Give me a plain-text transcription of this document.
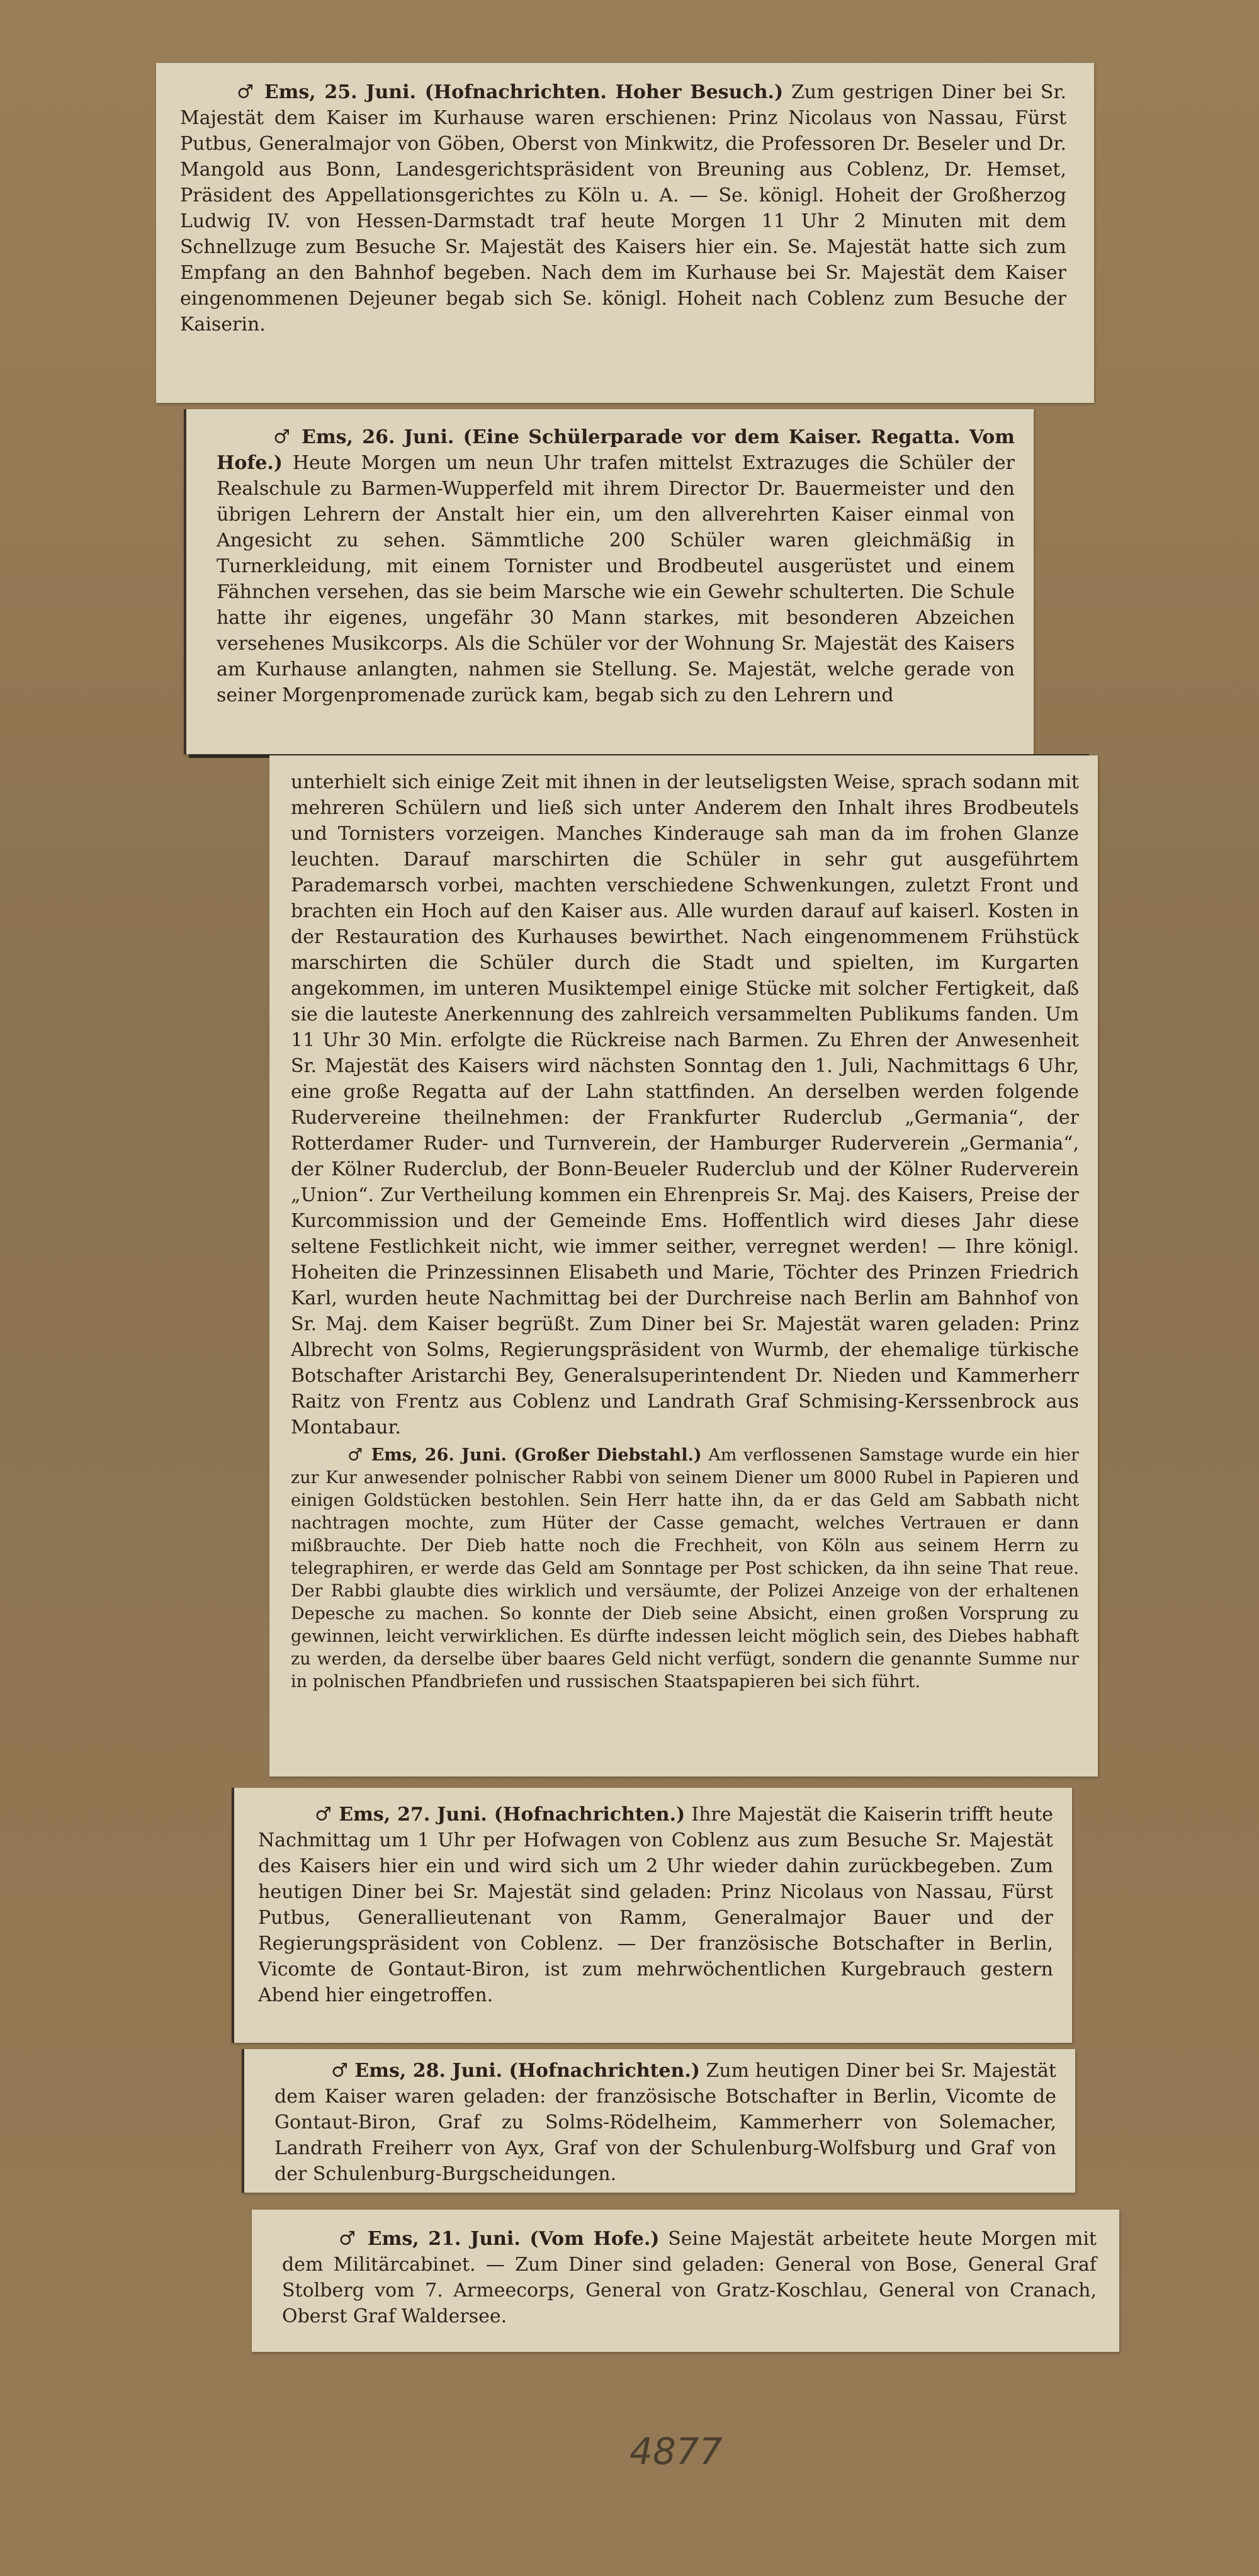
♂ Ems, 25. Juni. (Hofnachrichten. Hoher Besuch.) Zum gestrigen Diner bei Sr. Majestät dem Kaiser im Kurhause waren erschienen: Prinz Nicolaus von Nassau, Fürst Putbus, Generalmajor von Göben, Oberst von Minkwitz, die Professoren Dr. Beseler und Dr. Mangold aus Bonn, Landesgerichtspräsident von Breuning aus Coblenz, Dr. Hemset, Präsident des Appellationsgerichtes zu Köln u. A. — Se. königl. Hoheit der Großherzog Ludwig IV. von Hessen-Darmstadt traf heute Morgen 11 Uhr 2 Minuten mit dem Schnellzuge zum Besuche Sr. Majestät des Kaisers hier ein. Se. Majestät hatte sich zum Empfang an den Bahnhof begeben. Nach dem im Kurhause bei Sr. Majestät dem Kaiser eingenommenen Dejeuner begab sich Se. königl. Hoheit nach Coblenz zum Besuche der Kaiserin.

♂ Ems, 26. Juni. (Eine Schülerparade vor dem Kaiser. Regatta. Vom Hofe.) Heute Morgen um neun Uhr trafen mittelst Extrazuges die Schüler der Realschule zu Barmen-Wupperfeld mit ihrem Director Dr. Bauermeister und den übrigen Lehrern der Anstalt hier ein, um den allverehrten Kaiser einmal von Angesicht zu sehen. Sämmtliche 200 Schüler waren gleichmäßig in Turnerkleidung, mit einem Tornister und Brodbeutel ausgerüstet und einem Fähnchen versehen, das sie beim Marsche wie ein Gewehr schulterten. Die Schule hatte ihr eigenes, ungefähr 30 Mann starkes, mit besonderen Abzeichen versehenes Musikcorps. Als die Schüler vor der Wohnung Sr. Majestät des Kaisers am Kurhause anlangten, nahmen sie Stellung. Se. Majestät, welche gerade von seiner Morgenpromenade zurück kam, begab sich zu den Lehrern und

unterhielt sich einige Zeit mit ihnen in der leutseligsten Weise, sprach sodann mit mehreren Schülern und ließ sich unter Anderem den Inhalt ihres Brodbeutels und Tornisters vorzeigen. Manches Kinderauge sah man da im frohen Glanze leuchten. Darauf marschirten die Schüler in sehr gut ausgeführtem Parademarsch vorbei, machten verschiedene Schwenkungen, zuletzt Front und brachten ein Hoch auf den Kaiser aus. Alle wurden darauf auf kaiserl. Kosten in der Restauration des Kurhauses bewirthet. Nach eingenommenem Frühstück marschirten die Schüler durch die Stadt und spielten, im Kurgarten angekommen, im unteren Musiktempel einige Stücke mit solcher Fertigkeit, daß sie die lauteste Anerkennung des zahlreich versammelten Publikums fanden. Um 11 Uhr 30 Min. erfolgte die Rückreise nach Barmen. Zu Ehren der Anwesenheit Sr. Majestät des Kaisers wird nächsten Sonntag den 1. Juli, Nachmittags 6 Uhr, eine große Regatta auf der Lahn stattfinden. An derselben werden folgende Rudervereine theilnehmen: der Frankfurter Ruderclub „Germania“, der Rotterdamer Ruder- und Turnverein, der Hamburger Ruderverein „Germania“, der Kölner Ruderclub, der Bonn-Beueler Ruderclub und der Kölner Ruderverein „Union“. Zur Vertheilung kommen ein Ehrenpreis Sr. Maj. des Kaisers, Preise der Kurcommission und der Gemeinde Ems. Hoffentlich wird dieses Jahr diese seltene Festlichkeit nicht, wie immer seither, verregnet werden! — Ihre königl. Hoheiten die Prinzessinnen Elisabeth und Marie, Töchter des Prinzen Friedrich Karl, wurden heute Nachmittag bei der Durchreise nach Berlin am Bahnhof von Sr. Maj. dem Kaiser begrüßt. Zum Diner bei Sr. Majestät waren geladen: Prinz Albrecht von Solms, Regierungspräsident von Wurmb, der ehemalige türkische Botschafter Aristarchi Bey, Generalsuperintendent Dr. Nieden und Kammerherr Raitz von Frentz aus Coblenz und Landrath Graf Schmising-Kerssenbrock aus Montabaur.

♂ Ems, 26. Juni. (Großer Diebstahl.) Am verflossenen Samstage wurde ein hier zur Kur anwesender polnischer Rabbi von seinem Diener um 8000 Rubel in Papieren und einigen Goldstücken bestohlen. Sein Herr hatte ihn, da er das Geld am Sabbath nicht nachtragen mochte, zum Hüter der Casse gemacht, welches Vertrauen er dann mißbrauchte. Der Dieb hatte noch die Frechheit, von Köln aus seinem Herrn zu telegraphiren, er werde das Geld am Sonntage per Post schicken, da ihn seine That reue. Der Rabbi glaubte dies wirklich und versäumte, der Polizei Anzeige von der erhaltenen Depesche zu machen. So konnte der Dieb seine Absicht, einen großen Vorsprung zu gewinnen, leicht verwirklichen. Es dürfte indessen leicht möglich sein, des Diebes habhaft zu werden, da derselbe über baares Geld nicht verfügt, sondern die genannte Summe nur in polnischen Pfandbriefen und russischen Staatspapieren bei sich führt.

♂ Ems, 27. Juni. (Hofnachrichten.) Ihre Majestät die Kaiserin trifft heute Nachmittag um 1 Uhr per Hofwagen von Coblenz aus zum Besuche Sr. Majestät des Kaisers hier ein und wird sich um 2 Uhr wieder dahin zurückbegeben. Zum heutigen Diner bei Sr. Majestät sind geladen: Prinz Nicolaus von Nassau, Fürst Putbus, Generallieutenant von Ramm, Generalmajor Bauer und der Regierungspräsident von Coblenz. — Der französische Botschafter in Berlin, Vicomte de Gontaut-Biron, ist zum mehrwöchentlichen Kurgebrauch gestern Abend hier eingetroffen.

♂ Ems, 28. Juni. (Hofnachrichten.) Zum heutigen Diner bei Sr. Majestät dem Kaiser waren geladen: der französische Botschafter in Berlin, Vicomte de Gontaut-Biron, Graf zu Solms-Rödelheim, Kammerherr von Solemacher, Landrath Freiherr von Ayx, Graf von der Schulenburg-Wolfsburg und Graf von der Schulenburg-Burgscheidungen.

♂ Ems, 21. Juni. (Vom Hofe.) Seine Majestät arbeitete heute Morgen mit dem Militärcabinet. — Zum Diner sind geladen: General von Bose, General Graf Stolberg vom 7. Armeecorps, General von Gratz-Koschlau, General von Cranach, Oberst Graf Waldersee.

4877
